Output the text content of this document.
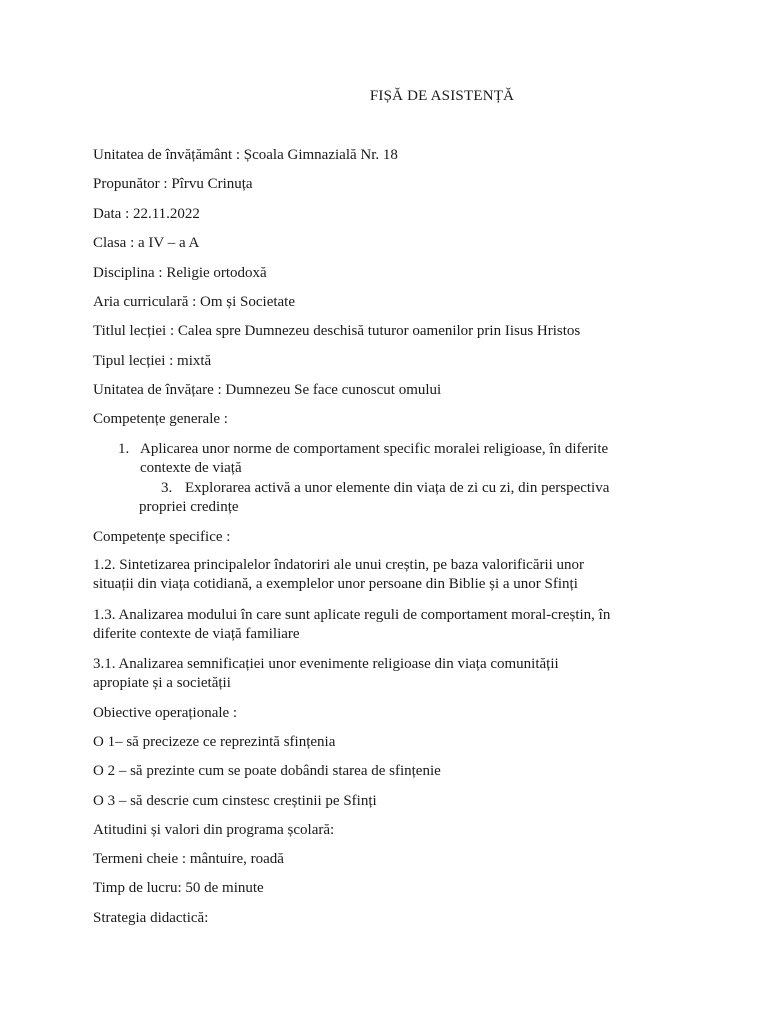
FIȘĂ DE ASISTENȚĂ
Unitatea de învățământ : Școala Gimnazială Nr. 18
Propunător : Pîrvu Crinuța
Data : 22.11.2022
Clasa : a IV – a A
Disciplina : Religie ortodoxă
Aria curriculară : Om și Societate
Titlul lecției : Calea spre Dumnezeu deschisă tuturor oamenilor prin Iisus Hristos
Tipul lecției : mixtă
Unitatea de învățare : Dumnezeu Se face cunoscut omului
Competențe generale :
1. Aplicarea unor norme de comportament specific moralei religioase, în diferite
contexte de viață
3. Explorarea activă a unor elemente din viața de zi cu zi, din perspectiva
propriei credințe
Competențe specifice :
1.2. Sintetizarea principalelor îndatoriri ale unui creștin, pe baza valorificării unor
situații din viața cotidiană, a exemplelor unor persoane din Biblie și a unor Sfinți
1.3. Analizarea modului în care sunt aplicate reguli de comportament moral-creștin, în
diferite contexte de viață familiare
3.1. Analizarea semnificației unor evenimente religioase din viața comunității
apropiate și a societății
Obiective operaționale :
O 1– să precizeze ce reprezintă sfințenia
O 2 – să prezinte cum se poate dobândi starea de sfințenie
O 3 – să descrie cum cinstesc creștinii pe Sfinți
Atitudini și valori din programa școlară:
Termeni cheie : mântuire, roadă
Timp de lucru: 50 de minute
Strategia didactică:
